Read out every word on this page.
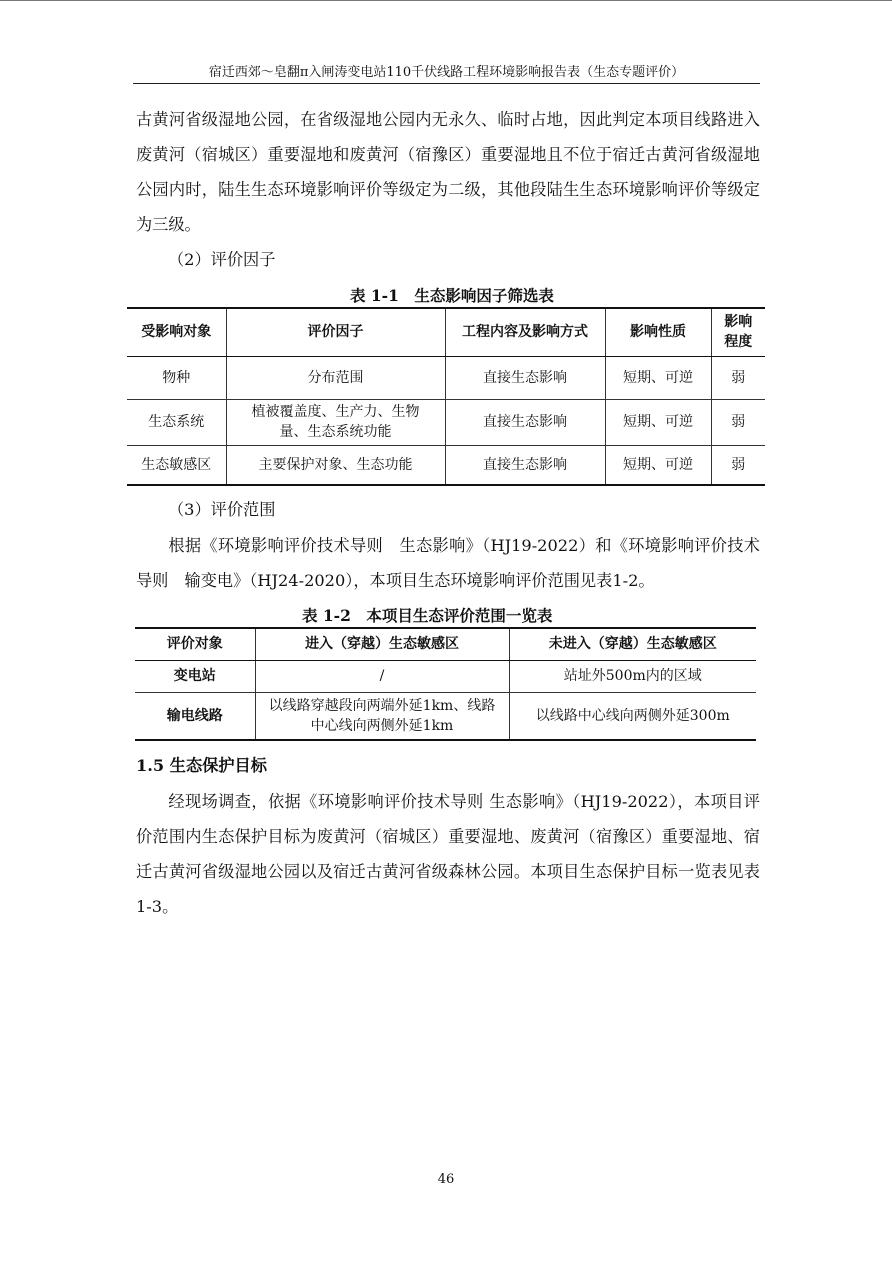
宿迁西郊～皂翻π入闸涛变电站110千伏线路工程环境影响报告表（生态专题评价）

古黄河省级湿地公园，在省级湿地公园内无永久、临时占地，因此判定本项目线路进入废黄河（宿城区）重要湿地和废黄河（宿豫区）重要湿地且不位于宿迁古黄河省级湿地公园内时，陆生生态环境影响评价等级定为二级，其他段陆生生态环境影响评价等级定为三级。

（2）评价因子

表 1-1　生态影响因子筛选表
受影响对象	评价因子	工程内容及影响方式	影响性质	影响程度
物种	分布范围	直接生态影响	短期、可逆	弱
生态系统	植被覆盖度、生产力、生物量、生态系统功能	直接生态影响	短期、可逆	弱
生态敏感区	主要保护对象、生态功能	直接生态影响	短期、可逆	弱

（3）评价范围

根据《环境影响评价技术导则　生态影响》（HJ19-2022）和《环境影响评价技术导则　输变电》（HJ24-2020），本项目生态环境影响评价范围见表1-2。

表 1-2　本项目生态评价范围一览表
评价对象	进入（穿越）生态敏感区	未进入（穿越）生态敏感区
变电站	/	站址外500m内的区域
输电线路	以线路穿越段向两端外延1km、线路中心线向两侧外延1km	以线路中心线向两侧外延300m
1.5 生态保护目标

经现场调查，依据《环境影响评价技术导则 生态影响》（HJ19-2022），本项目评价范围内生态保护目标为废黄河（宿城区）重要湿地、废黄河（宿豫区）重要湿地、宿迁古黄河省级湿地公园以及宿迁古黄河省级森林公园。本项目生态保护目标一览表见表1-3。

46
